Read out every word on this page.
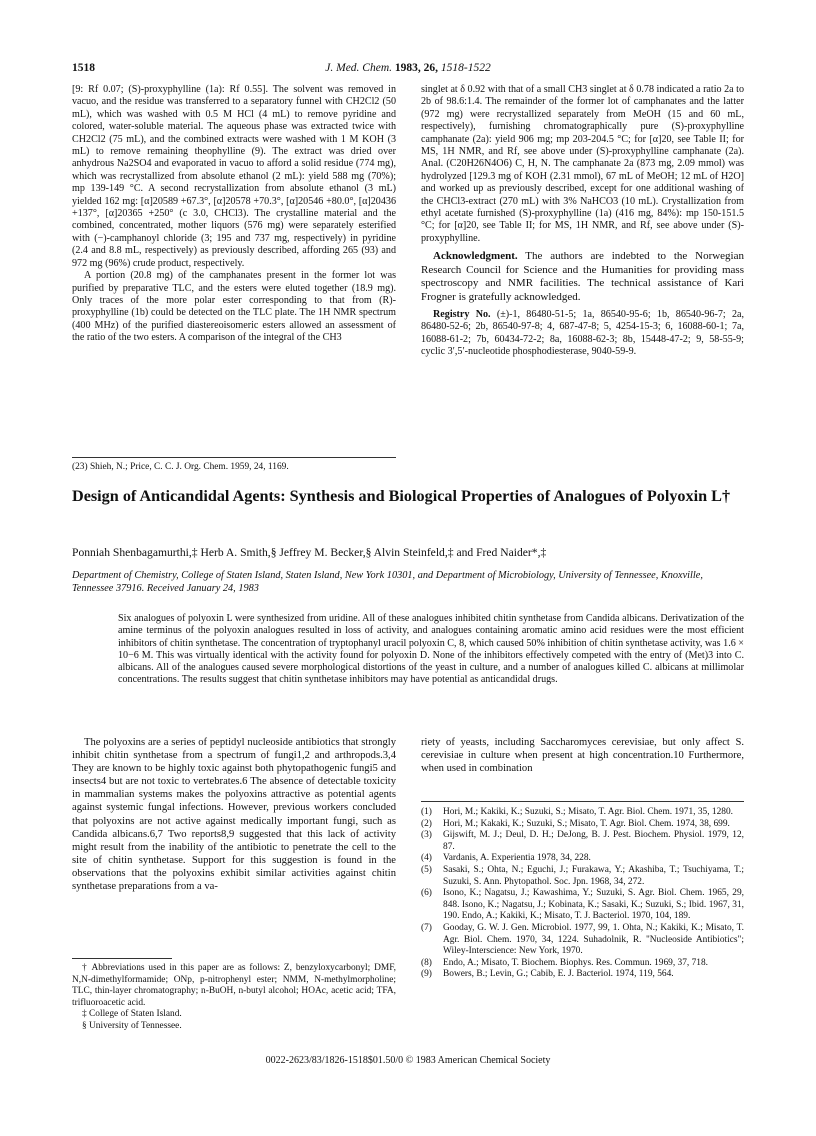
1518	J. Med. Chem. 1983, 26, 1518-1522

[9: Rf 0.07; (S)-proxyphylline (1a): Rf 0.55]. The solvent was removed in vacuo, and the residue was transferred to a separatory funnel with CH2Cl2 (50 mL), which was washed with 0.5 M HCl (4 mL) to remove pyridine and colored, water-soluble material. The aqueous phase was extracted twice with CH2Cl2 (75 mL), and the combined extracts were washed with 1 M KOH (3 mL) to remove remaining theophylline (9). The extract was dried over anhydrous Na2SO4 and evaporated in vacuo to afford a solid residue (774 mg), which was recrystallized from absolute ethanol (2 mL): yield 588 mg (70%); mp 139-149 °C. A second recrystallization from absolute ethanol (3 mL) yielded 162 mg: [α]20589 +67.3°, [α]20578 +70.3°, [α]20546 +80.0°, [α]20436 +137°, [α]20365 +250° (c 3.0, CHCl3). The crystalline material and the combined, concentrated, mother liquors (576 mg) were separately esterified with (−)-camphanoyl chloride (3; 195 and 737 mg, respectively) in pyridine (2.4 and 8.8 mL, respectively) as previously described, affording 265 (93) and 972 mg (96%) crude product, respectively.

A portion (20.8 mg) of the camphanates present in the former lot was purified by preparative TLC, and the esters were eluted together (18.9 mg). Only traces of the more polar ester corresponding to that from (R)-proxyphylline (1b) could be detected on the TLC plate. The 1H NMR spectrum (400 MHz) of the purified diastereoisomeric esters allowed an assessment of the ratio of the two esters. A comparison of the integral of the CH3

(23) Shieh, N.; Price, C. C. J. Org. Chem. 1959, 24, 1169.

singlet at δ 0.92 with that of a small CH3 singlet at δ 0.78 indicated a ratio 2a to 2b of 98.6:1.4. The remainder of the former lot of camphanates and the latter (972 mg) were recrystallized separately from MeOH (15 and 60 mL, respectively), furnishing chromatographically pure (S)-proxyphylline camphanate (2a): yield 906 mg; mp 203-204.5 °C; for [α]20, see Table II; for MS, 1H NMR, and Rf, see above under (S)-proxyphylline camphanate (2a). Anal. (C20H26N4O6) C, H, N. The camphanate 2a (873 mg, 2.09 mmol) was hydrolyzed [129.3 mg of KOH (2.31 mmol), 67 mL of MeOH; 12 mL of H2O] and worked up as previously described, except for one additional washing of the CHCl3-extract (270 mL) with 3% NaHCO3 (10 mL). Crystallization from ethyl acetate furnished (S)-proxyphylline (1a) (416 mg, 84%): mp 150-151.5 °C; for [α]20, see Table II; for MS, 1H NMR, and Rf, see above under (S)-proxyphylline.

Acknowledgment. The authors are indebted to the Norwegian Research Council for Science and the Humanities for providing mass spectroscopy and NMR facilities. The technical assistance of Kari Frogner is gratefully acknowledged.

Registry No. (±)-1, 86480-51-5; 1a, 86540-95-6; 1b, 86540-96-7; 2a, 86480-52-6; 2b, 86540-97-8; 4, 687-47-8; 5, 4254-15-3; 6, 16088-60-1; 7a, 16088-61-2; 7b, 60434-72-2; 8a, 16088-62-3; 8b, 15448-47-2; 9, 58-55-9; cyclic 3′,5′-nucleotide phosphodiesterase, 9040-59-9.

Design of Anticandidal Agents: Synthesis and Biological Properties of Analogues of Polyoxin L†
Ponniah Shenbagamurthi,‡ Herb A. Smith,§ Jeffrey M. Becker,§ Alvin Steinfeld,‡ and Fred Naider*,‡
Department of Chemistry, College of Staten Island, Staten Island, New York 10301, and Department of Microbiology, University of Tennessee, Knoxville, Tennessee 37916. Received January 24, 1983
Six analogues of polyoxin L were synthesized from uridine. All of these analogues inhibited chitin synthetase from Candida albicans. Derivatization of the amine terminus of the polyoxin analogues resulted in loss of activity, and analogues containing aromatic amino acid residues were the most efficient inhibitors of chitin synthetase. The concentration of tryptophanyl uracil polyoxin C, 8, which caused 50% inhibition of chitin synthetase activity, was 1.6 × 10−6 M. This was virtually identical with the activity found for polyoxin D. None of the inhibitors effectively competed with the entry of (Met)3 into C. albicans. All of the analogues caused severe morphological distortions of the yeast in culture, and a number of analogues killed C. albicans at millimolar concentrations. The results suggest that chitin synthetase inhibitors may have potential as anticandidal drugs.

The polyoxins are a series of peptidyl nucleoside antibiotics that strongly inhibit chitin synthetase from a spectrum of fungi1,2 and arthropods.3,4 They are known to be highly toxic against both phytopathogenic fungi5 and insects4 but are not toxic to vertebrates.6 The absence of detectable toxicity in mammalian systems makes the polyoxins attractive as potential agents against systemic fungal infections. However, previous workers concluded that polyoxins are not active against medically important fungi, such as Candida albicans.6,7 Two reports8,9 suggested that this lack of activity might result from the inability of the antibiotic to penetrate the cell to the site of chitin synthetase. Support for this suggestion is found in the observations that the polyoxins exhibit similar activities against chitin synthetase preparations from a va-

riety of yeasts, including Saccharomyces cerevisiae, but only affect S. cerevisiae in culture when present at high concentration.10 Furthermore, when used in combination
† Abbreviations used in this paper are as follows: Z, benzyloxycarbonyl; DMF, N,N-dimethylformamide; ONp, p-nitrophenyl ester; NMM, N-methylmorpholine; TLC, thin-layer chromatography; n-BuOH, n-butyl alcohol; HOAc, acetic acid; TFA, trifluoroacetic acid.
‡ College of Staten Island.
§ University of Tennessee.
(1) Hori, M.; Kakiki, K.; Suzuki, S.; Misato, T. Agr. Biol. Chem. 1971, 35, 1280.
(2) Hori, M.; Kakaki, K.; Suzuki, S.; Misato, T. Agr. Biol. Chem. 1974, 38, 699.
(3) Gijswift, M. J.; Deul, D. H.; DeJong, B. J. Pest. Biochem. Physiol. 1979, 12, 87.
(4) Vardanis, A. Experientia 1978, 34, 228.
(5) Sasaki, S.; Ohta, N.; Eguchi, J.; Furakawa, Y.; Akashiba, T.; Tsuchiyama, T.; Suzuki, S. Ann. Phytopathol. Soc. Jpn. 1968, 34, 272.
(6) Isono, K.; Nagatsu, J.; Kawashima, Y.; Suzuki, S. Agr. Biol. Chem. 1965, 29, 848. Isono, K.; Nagatsu, J.; Kobinata, K.; Sasaki, K.; Suzuki, S.; Ibid. 1967, 31, 190. Endo, A.; Kakiki, K.; Misato, T. J. Bacteriol. 1970, 104, 189.
(7) Gooday, G. W. J. Gen. Microbiol. 1977, 99, 1. Ohta, N.; Kakiki, K.; Misato, T. Agr. Biol. Chem. 1970, 34, 1224. Suhadolnik, R. "Nucleoside Antibiotics"; Wiley-Interscience: New York, 1970.
(8) Endo, A.; Misato, T. Biochem. Biophys. Res. Commun. 1969, 37, 718.
(9) Bowers, B.; Levin, G.; Cabib, E. J. Bacteriol. 1974, 119, 564.
0022-2623/83/1826-1518$01.50/0 © 1983 American Chemical Society
